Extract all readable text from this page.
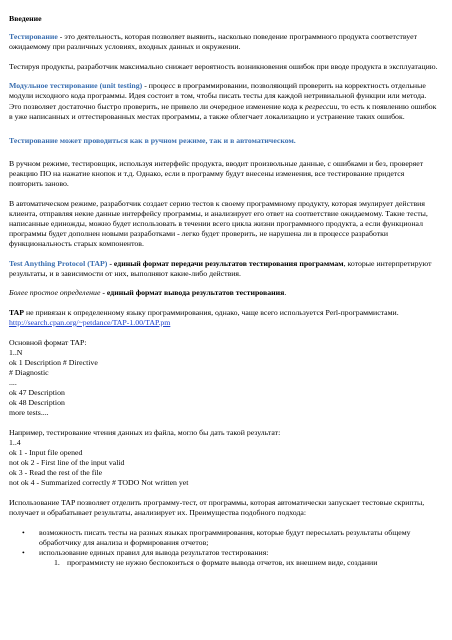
Введение

Тестирование - это деятельность, которая позволяет выявить, насколько поведение программного продукта соответствует ожидаемому при различных условиях, входных данных и окружении.

Тестируя продукты, разработчик максимально снижает вероятность возникновения ошибок при вводе продукта в эксплуатацию.

Модульное тестирование (unit testing) - процесс в программировании, позволяющий проверить на корректность отдельные модули исходного кода программы. Идея состоит в том, чтобы писать тесты для каждой нетривиальной функции или метода. Это позволяет достаточно быстро проверить, не привело ли очередное изменение кода к регрессии, то есть к появлению ошибок в уже написанных и оттестированных местах программы, а также облегчает локализацию и устранение таких ошибок.

Тестирование может проводиться как в ручном режиме, так и в автоматическом.

В ручном режиме, тестировщик, используя интерфейс продукта, вводит произвольные данные, с ошибками и без, проверяет реакцию ПО на нажатие кнопок и т.д. Однако, если в программу будут внесены изменения, все тестирование придется повторить заново.

В автоматическом режиме, разработчик создает серию тестов к своему программному продукту, которая эмулирует действия клиента, отправляя некие данные интерфейсу программы, и анализирует его ответ на соответствие ожидаемому. Такие тесты, написанные единожды, можно будет использовать в течении всего цикла жизни программного продукта, а если функционал программы будет дополнен новыми разработками - легко будет проверить, не нарушена ли в процессе разработки функциональность старых компонентов.

Test Anything Protocol (TAP) - единый формат передачи результатов тестирования программам, которые интерпретируют результаты, и в зависимости от них, выполняют какие-либо действия.

Более простое определение - единый формат вывода результатов тестирования.

TAP не привязан к определенному языку программирования, однако, чаще всего используется Perl-программистами. http://search.cpan.org/~petdance/TAP-1.00/TAP.pm

Основной формат TAP:
1..N
ok 1 Description # Directive
# Diagnostic
....
ok 47 Description
ok 48 Description
more tests....
Например, тестирование чтения данных из файла, могло бы дать такой результат:
1..4
ok 1 - Input file opened
not ok 2 - First line of the input valid
ok 3 - Read the rest of the file
not ok 4 - Summarized correctly # TODO Not written yet

Использование TAP позволяет отделить программу-тест, от программы, которая автоматически запускает тестовые скрипты, получает и обрабатывает результаты, анализирует их. Преимущества подобного подхода:

• возможность писать тесты на разных языках программирования, которые будут пересылать результаты общему обработчику для анализа и формирования отчетов;
• использование единых правил для вывода результатов тестирования:
1. программисту не нужно беспокоиться о формате вывода отчетов, их внешнем виде, создании
